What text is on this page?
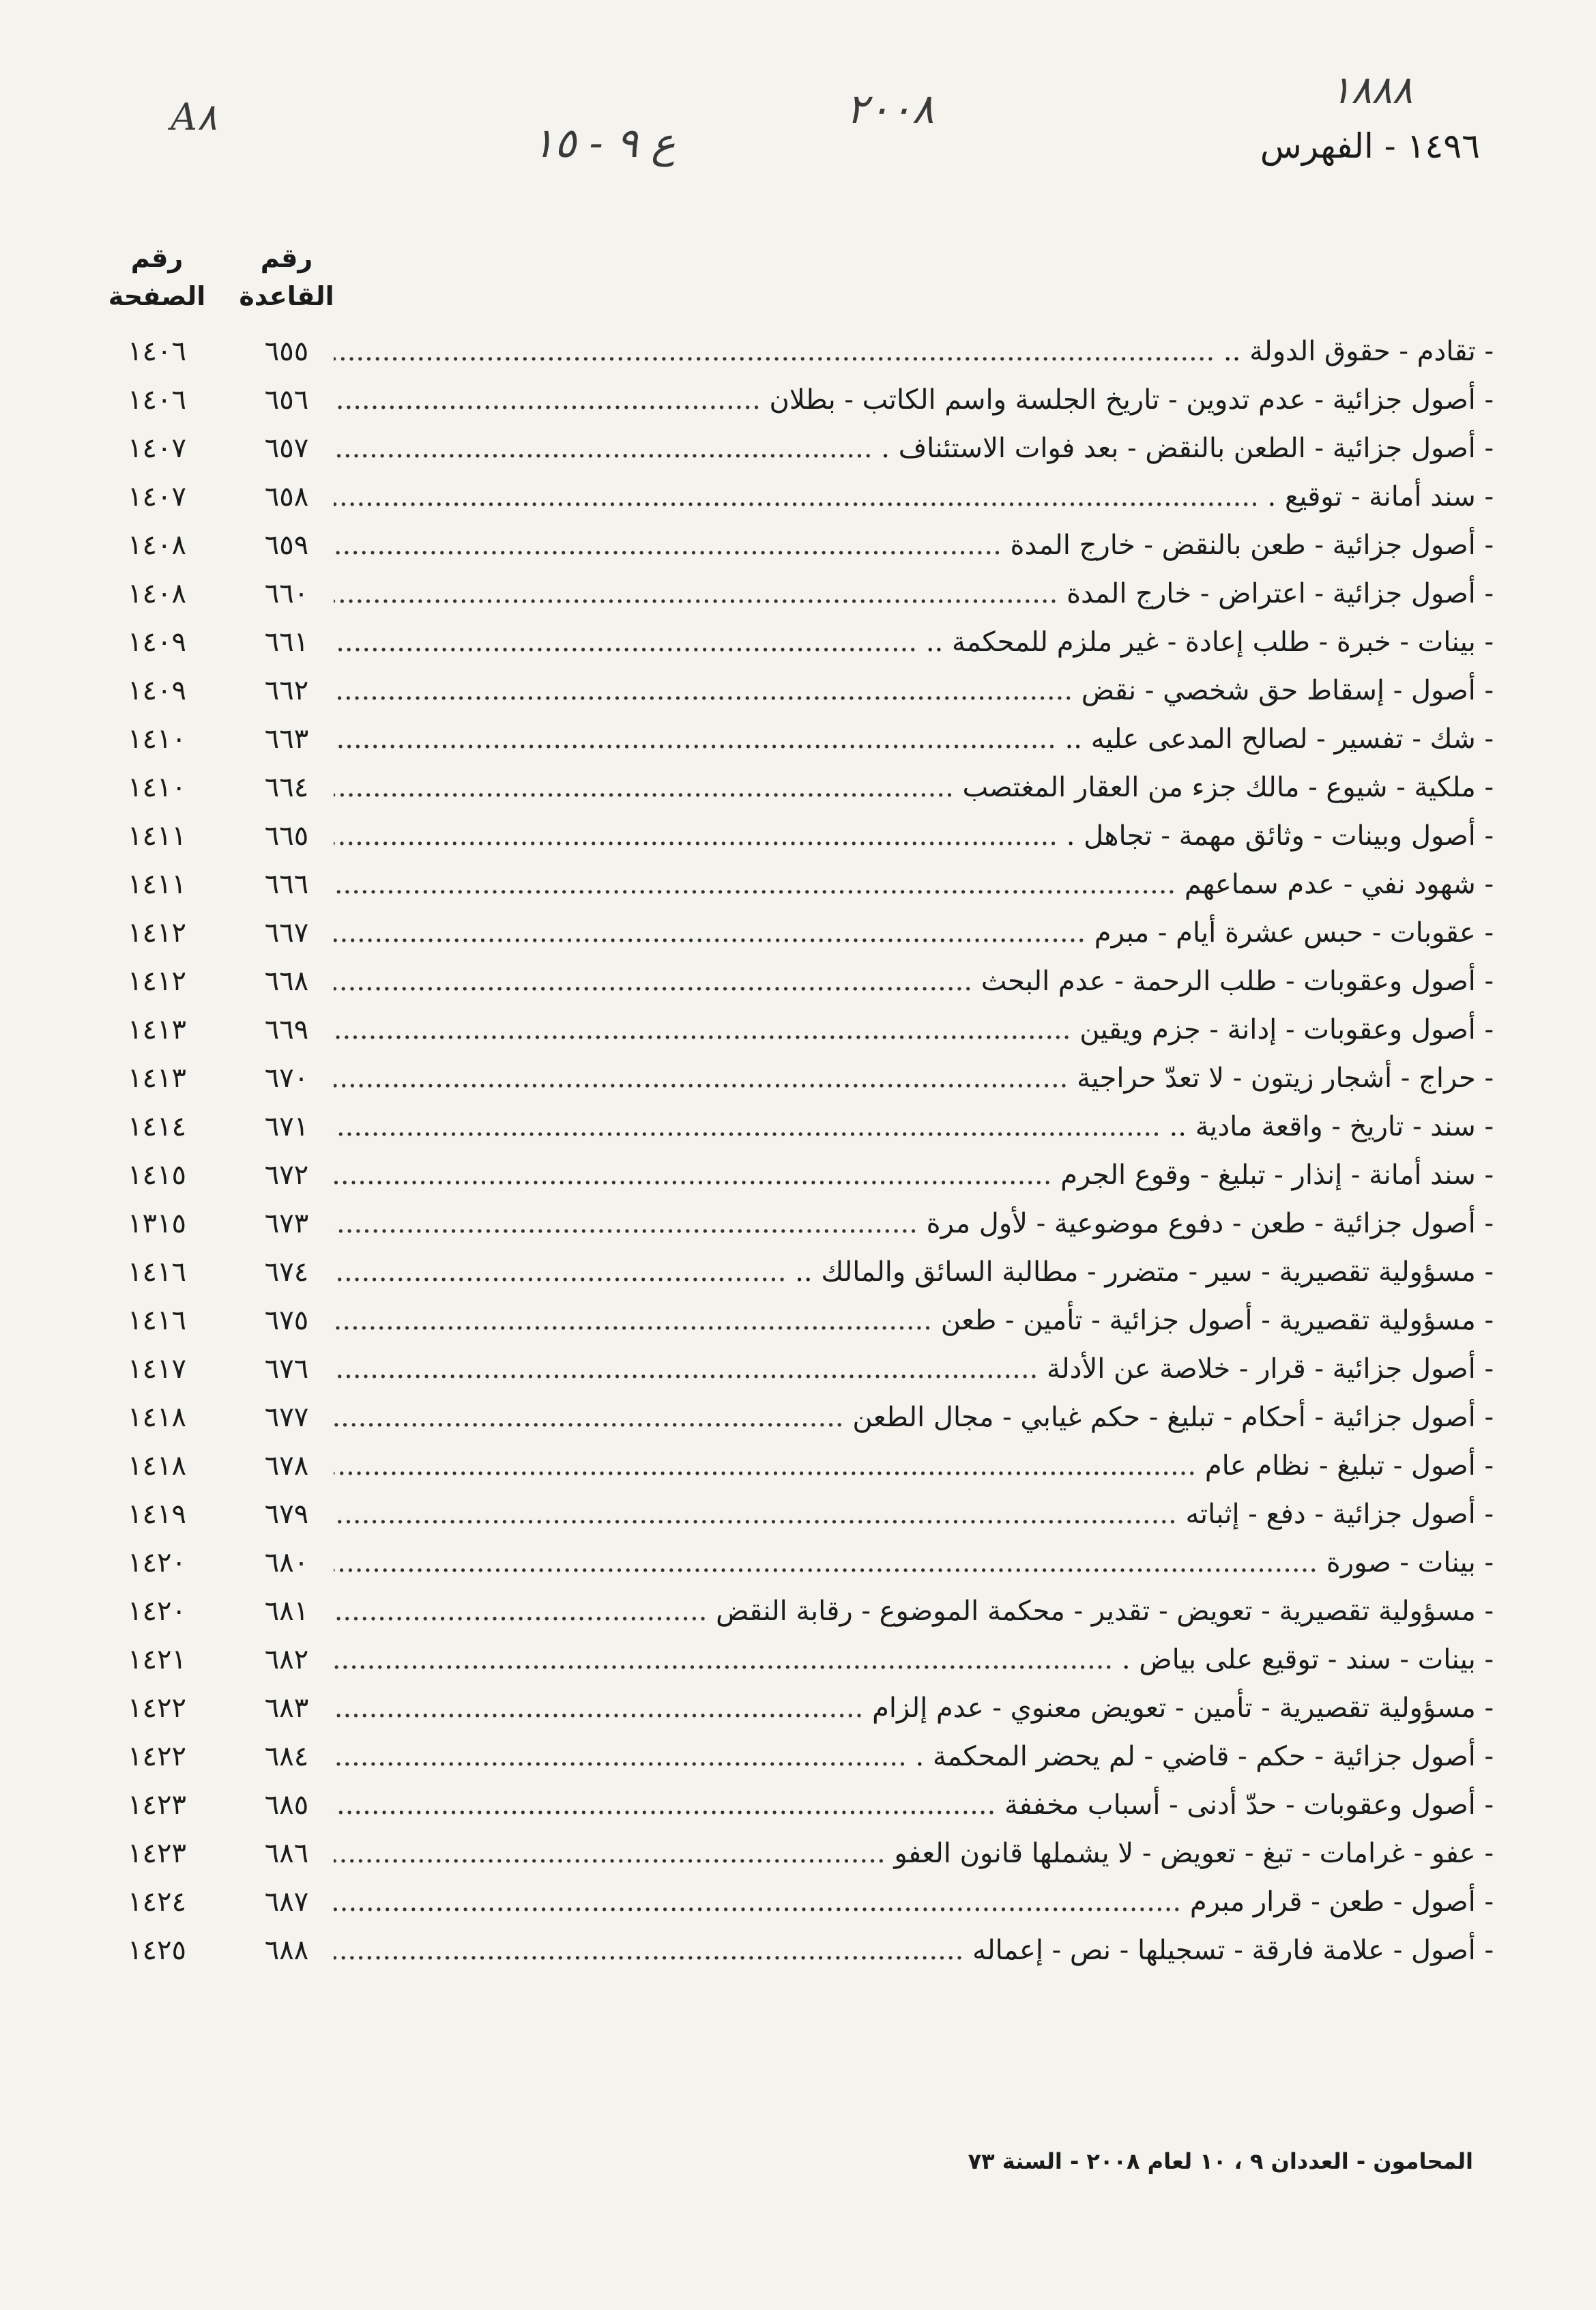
A٨
ع ٩ - ١٥
٢٠٠٨	١٨٨٨
١٤٩٦ - الفهرس
رقم القاعدة
رقم الصفحة
- تقادم - حقوق الدولة .. .....
٦٥٥
١٤٠٦
- أصول جزائية - عدم تدوين - تاريخ الجلسة واسم الكاتب - بطلان .....
٦٥٦
١٤٠٦
- أصول جزائية - الطعن بالنقض - بعد فوات الاستئناف . .....
٦٥٧
١٤٠٧
- سند أمانة - توقيع . .....
٦٥٨
١٤٠٧
- أصول جزائية - طعن بالنقض - خارج المدة .....
٦٥٩
١٤٠٨
- أصول جزائية - اعتراض - خارج المدة .....
٦٦٠
١٤٠٨
- بينات - خبرة - طلب إعادة - غير ملزم للمحكمة .. .....
٦٦١
١٤٠٩
- أصول - إسقاط حق شخصي - نقض .....
٦٦٢
١٤٠٩
- شك - تفسير - لصالح المدعى عليه .. .....
٦٦٣
١٤١٠
- ملكية - شيوع - مالك جزء من العقار المغتصب .....
٦٦٤
١٤١٠
- أصول وبينات - وثائق مهمة - تجاهل . .....
٦٦٥
١٤١١
- شهود نفي - عدم سماعهم .....
٦٦٦
١٤١١
- عقوبات - حبس عشرة أيام - مبرم .....
٦٦٧
١٤١٢
- أصول وعقوبات - طلب الرحمة - عدم البحث .....
٦٦٨
١٤١٢
- أصول وعقوبات - إدانة - جزم ويقين .....
٦٦٩
١٤١٣
- حراج - أشجار زيتون - لا تعدّ حراجية .....
٦٧٠
١٤١٣
- سند - تاريخ - واقعة مادية .. .....
٦٧١
١٤١٤
- سند أمانة - إنذار - تبليغ - وقوع الجرم .....
٦٧٢
١٤١٥
- أصول جزائية - طعن - دفوع موضوعية - لأول مرة .....
٦٧٣
١٣١٥
- مسؤولية تقصيرية - سير - متضرر - مطالبة السائق والمالك .. .....
٦٧٤
١٤١٦
- مسؤولية تقصيرية - أصول جزائية - تأمين - طعن .....
٦٧٥
١٤١٦
- أصول جزائية - قرار - خلاصة عن الأدلة .....
٦٧٦
١٤١٧
- أصول جزائية - أحكام - تبليغ - حكم غيابي - مجال الطعن .....
٦٧٧
١٤١٨
- أصول - تبليغ - نظام عام .....
٦٧٨
١٤١٨
- أصول جزائية - دفع - إثباته .....
٦٧٩
١٤١٩
- بينات - صورة .....
٦٨٠
١٤٢٠
- مسؤولية تقصيرية - تعويض - تقدير - محكمة الموضوع - رقابة النقض .....
٦٨١
١٤٢٠
- بينات - سند - توقيع على بياض . .....
٦٨٢
١٤٢١
- مسؤولية تقصيرية - تأمين - تعويض معنوي - عدم إلزام .....
٦٨٣
١٤٢٢
- أصول جزائية - حكم - قاضي - لم يحضر المحكمة . .....
٦٨٤
١٤٢٢
- أصول وعقوبات - حدّ أدنى - أسباب مخففة .....
٦٨٥
١٤٢٣
- عفو - غرامات - تبغ - تعويض - لا يشملها قانون العفو .....
٦٨٦
١٤٢٣
- أصول - طعن - قرار مبرم .....
٦٨٧
١٤٢٤
- أصول - علامة فارقة - تسجيلها - نص - إعماله .....
٦٨٨
١٤٢٥
المحامون - العددان ٩ ، ١٠ لعام ٢٠٠٨ - السنة ٧٣
